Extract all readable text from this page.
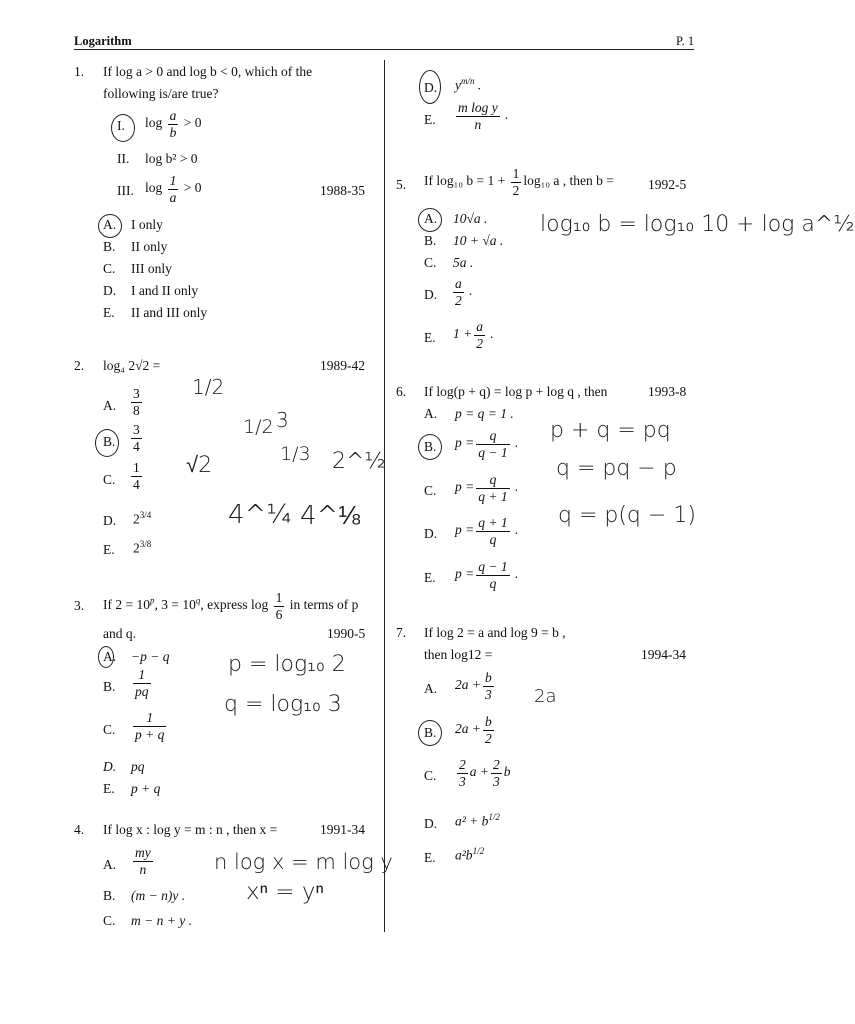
Logarithm	P. 1
1. If log a > 0 and log b < 0, which of the
following is/are true?
I. $\log \frac{a}{b} > 0$
II. log b² > 0
III. $\log \frac{1}{a} > 0$	1988-35
A. I only
B. II only
C. III only
D. I and II only
E. II and III only
2. log₄ 2√2 =	1989-42
A. $\frac{3}{8}$
B. $\frac{3}{4}$
C. $\frac{1}{4}$
D. $2^{3/4}$
E. $2^{3/8}$
1/2
1/2 3
1/3
√2	2^½
4^¼ 4^⅛
3. If $2 = 10^p$, $3 = 10^q$, express $\log \frac{1}{6}$ in terms of p
and q.	1990-5
A. −p − q
B. $\frac{1}{pq}$
C. $\frac{1}{p + q}$
D. pq
E. p + q
p = log₁₀ 2
q = log₁₀ 3
4. If log x : log y = m : n , then x =	1991-34
A. $\frac{my}{n}$
B. (m − n)y .
C. m − n + y .
n log x = m log y
xⁿ = yⁿ
D. $y^{m/n}$ .
E. $\frac{\text{m log y}}{n}$ .
5. If log₁₀ $b = 1 + \frac{1}{2} \log_{10}$ a , then b =	1992-5
A. 10√a .
B. 10 + √a .
C. 5a .
D. $\frac{a}{2}$ .
E. $1 + \frac{a}{2}$ .
log₁₀ b = log₁₀ 10 + log a^½
6. If log(p + q) = log p + log q , then	1993-8
A. p = q = 1 .
B. $p = \frac{q}{q - 1}$ .
C. $p = \frac{q}{q + 1}$ .
D. $p = \frac{q + 1}{q}$ .
E. $p = \frac{q - 1}{q}$ .
p + q = pq
q = pq − p
q = p(q − 1)
7. If log 2 = a and log 9 = b ,
then log12 =	1994-34
A. $2a + \frac{b}{3}$
B. $2a + \frac{b}{2}$
C. $\frac{2}{3}$ $a + \frac{2}{3}$ b
D. $a^2 + b^{1/2}$
E. $a^2b^{1/2}$
2a
